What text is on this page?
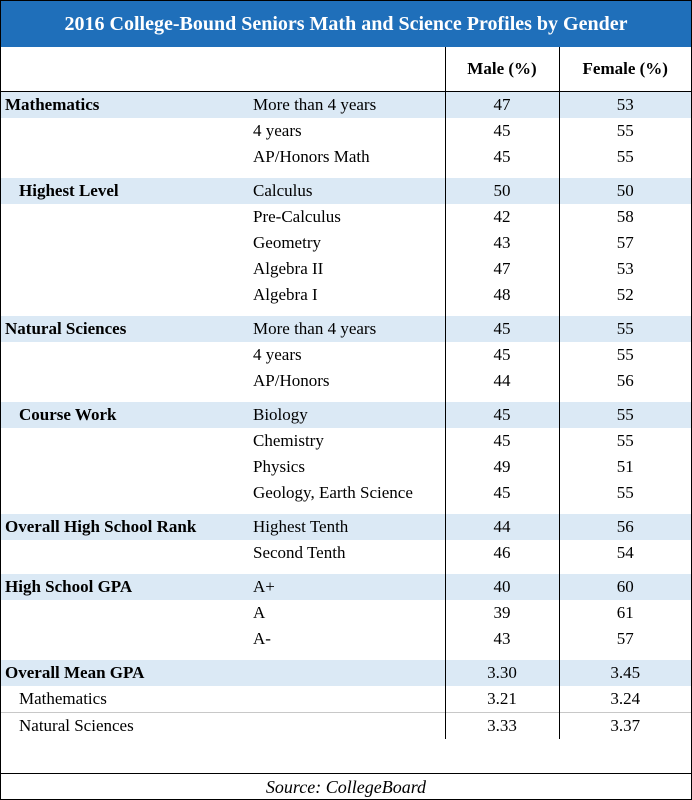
2016 College-Bound Seniors Math and Science Profiles by Gender
		Male (%)	Female (%)
Mathematics	More than 4 years	47	53
	4 years	45	55
	AP/Honors Math	45	55

Highest Level	Calculus	50	50
	Pre-Calculus	42	58
	Geometry	43	57
	Algebra II	47	53
	Algebra I	48	52

Natural Sciences	More than 4 years	45	55
	4 years	45	55
	AP/Honors	44	56

Course Work	Biology	45	55
	Chemistry	45	55
	Physics	49	51
	Geology, Earth Science	45	55

Overall High School Rank	Highest Tenth	44	56
	Second Tenth	46	54

High School GPA	A+	40	60
	A	39	61
	A-	43	57

Overall Mean GPA		3.30	3.45
Mathematics		3.21	3.24
Natural Sciences		3.33	3.37
Source: CollegeBoard
